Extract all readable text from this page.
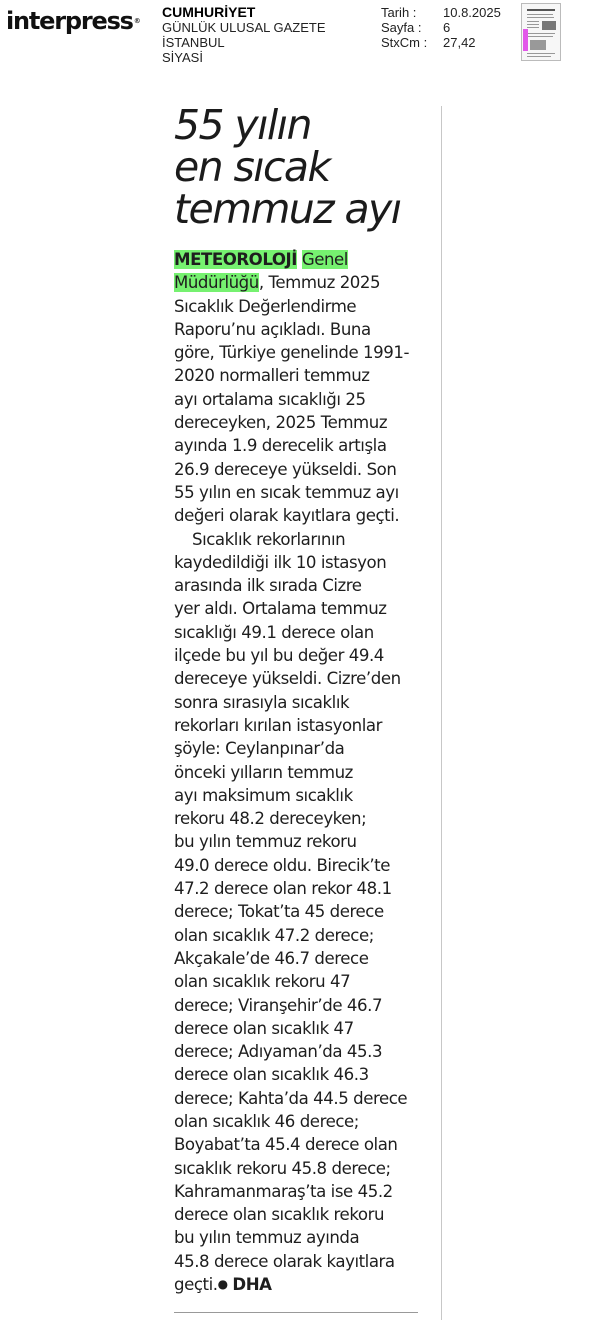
interpress®
CUMHURİYET
GÜNLÜK ULUSAL GAZETE
İSTANBUL
SİYASİ
Tarih :	10.8.2025
Sayfa :	6
StxCm :	27,42
55 yılın
en sıcak
temmuz ayı
METEOROLOJİ Genel
Müdürlüğü, Temmuz 2025
Sıcaklık Değerlendirme
Raporu’nu açıkladı. Buna
göre, Türkiye genelinde 1991-
2020 normalleri temmuz
ayı ortalama sıcaklığı 25
dereceyken, 2025 Temmuz
ayında 1.9 derecelik artışla
26.9 dereceye yükseldi. Son
55 yılın en sıcak temmuz ayı
değeri olarak kayıtlara geçti.
Sıcaklık rekorlarının
kaydedildiği ilk 10 istasyon
arasında ilk sırada Cizre
yer aldı. Ortalama temmuz
sıcaklığı 49.1 derece olan
ilçede bu yıl bu değer 49.4
dereceye yükseldi. Cizre’den
sonra sırasıyla sıcaklık
rekorları kırılan istasyonlar
şöyle: Ceylanpınar’da
önceki yılların temmuz
ayı maksimum sıcaklık
rekoru 48.2 dereceyken;
bu yılın temmuz rekoru
49.0 derece oldu. Birecik’te
47.2 derece olan rekor 48.1
derece; Tokat’ta 45 derece
olan sıcaklık 47.2 derece;
Akçakale’de 46.7 derece
olan sıcaklık rekoru 47
derece; Viranşehir’de 46.7
derece olan sıcaklık 47
derece; Adıyaman’da 45.3
derece olan sıcaklık 46.3
derece; Kahta’da 44.5 derece
olan sıcaklık 46 derece;
Boyabat’ta 45.4 derece olan
sıcaklık rekoru 45.8 derece;
Kahramanmaraş’ta ise 45.2
derece olan sıcaklık rekoru
bu yılın temmuz ayında
45.8 derece olarak kayıtlara
geçti.● DHA
